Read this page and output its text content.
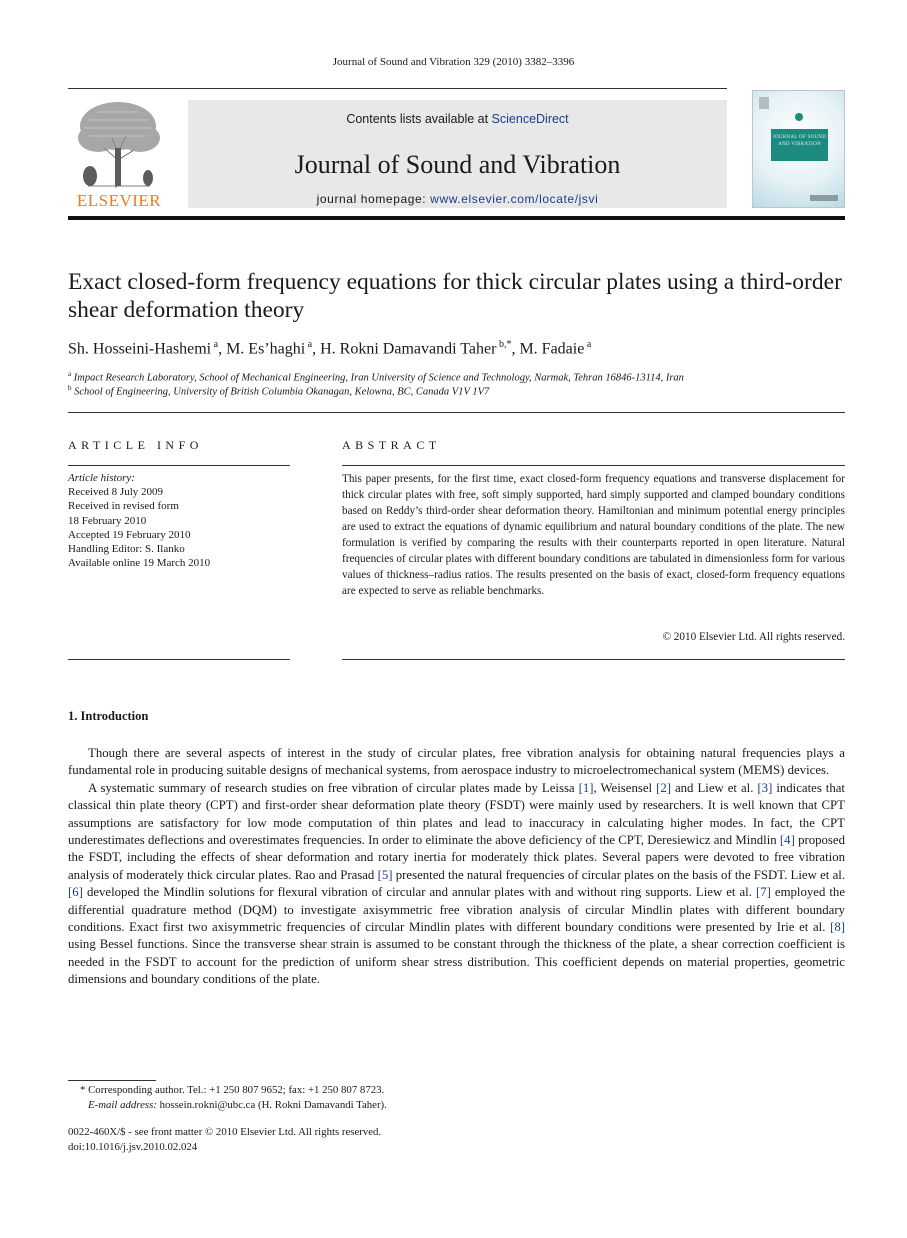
Journal of Sound and Vibration 329 (2010) 3382–3396
ELSEVIER
Contents lists available at ScienceDirect
Journal of Sound and Vibration
journal homepage: www.elsevier.com/locate/jsvi
JOURNAL OF SOUND AND VIBRATION
Exact closed-form frequency equations for thick circular plates using a third-order shear deformation theory
Sh. Hosseini-Hashemi $^a$, M. Es’haghi $^a$, H. Rokni Damavandi Taher $^{b,*}$, M. Fadaie $^a$
$^a$ Impact Research Laboratory, School of Mechanical Engineering, Iran University of Science and Technology, Narmak, Tehran 16846-13114, Iran
$^b$ School of Engineering, University of British Columbia Okanagan, Kelowna, BC, Canada V1V 1V7
ARTICLE INFO	ABSTRACT
Article history:
Received 8 July 2009
Received in revised form
18 February 2010
Accepted 19 February 2010
Handling Editor: S. Ilanko
Available online 19 March 2010
This paper presents, for the first time, exact closed-form frequency equations and transverse displacement for thick circular plates with free, soft simply supported, hard simply supported and clamped boundary conditions based on Reddy’s third-order shear deformation theory. Hamiltonian and minimum potential energy principles are used to extract the equations of dynamic equilibrium and natural boundary conditions of the plate. The new formulation is verified by comparing the results with their counterparts reported in open literature. Natural frequencies of circular plates with different boundary conditions are tabulated in dimensionless form for various values of thickness–radius ratios. The results presented on the basis of exact, closed-form frequency equations are expected to serve as reliable benchmarks.
© 2010 Elsevier Ltd. All rights reserved.
1. Introduction

Though there are several aspects of interest in the study of circular plates, free vibration analysis for obtaining natural frequencies plays a fundamental role in producing suitable designs of mechanical systems, from aerospace industry to microelectromechanical system (MEMS) devices.

A systematic summary of research studies on free vibration of circular plates made by Leissa [1], Weisensel [2] and Liew et al. [3] indicates that classical thin plate theory (CPT) and first-order shear deformation plate theory (FSDT) were mainly used by researchers. It is well known that CPT assumptions are satisfactory for low mode computation of thin plates and lead to inaccuracy in calculating higher modes. In fact, the CPT underestimates deflections and overestimates frequencies. In order to eliminate the above deficiency of the CPT, Deresiewicz and Mindlin [4] proposed the FSDT, including the effects of shear deformation and rotary inertia for moderately thick plates. Several papers were devoted to free vibration analysis of moderately thick circular plates. Rao and Prasad [5] presented the natural frequencies of circular plates on the basis of the FSDT. Liew et al. [6] developed the Mindlin solutions for flexural vibration of circular and annular plates with and without ring supports. Liew et al. [7] employed the differential quadrature method (DQM) to investigate axisymmetric free vibration analysis of circular Mindlin plates with different boundary conditions. Exact first two axisymmetric frequencies of circular Mindlin plates with different boundary conditions were presented by Irie et al. [8] using Bessel functions. Since the transverse shear strain is assumed to be constant through the thickness of the plate, a shear correction coefficient is needed in the FSDT to account for the prediction of uniform shear stress distribution. This coefficient depends on material properties, geometric dimensions and boundary conditions of the plate.

* Corresponding author. Tel.: +1 250 807 9652; fax: +1 250 807 8723.
E-mail address: hossein.rokni@ubc.ca (H. Rokni Damavandi Taher).
0022-460X/$ - see front matter © 2010 Elsevier Ltd. All rights reserved.
doi:10.1016/j.jsv.2010.02.024
